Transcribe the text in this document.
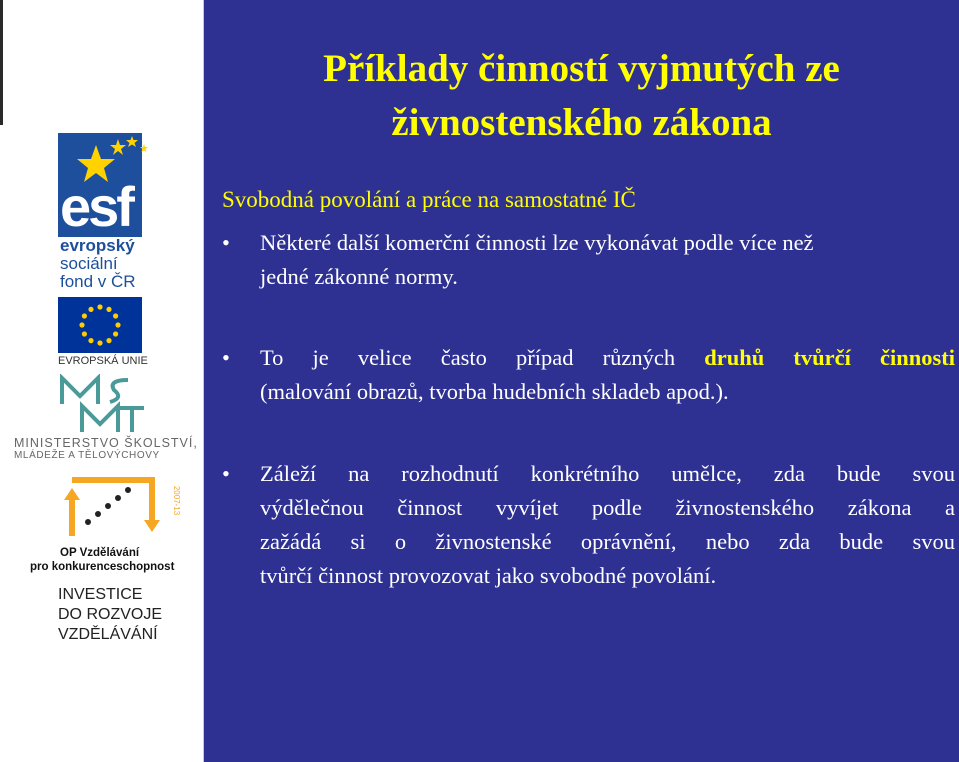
esf
evropský
sociální
fond v ČR
EVROPSKÁ UNIE
MINISTERSTVO ŠKOLSTVÍ,
MLÁDEŽE A TĚLOVÝCHOVY
2007-13
OP Vzdělávání
pro konkurenceschopnost
INVESTICE
DO ROZVOJE
VZDĚLÁVÁNÍ
Příklady činností vyjmutých ze
živnostenského zákona

Svobodná povolání a práce na samostatné IČ

•	Některé další komerční činnosti lze vykonávat podle více než
jedné zákonné normy.
•	To je velice často případ různých druhů tvůrčí činnosti
(malování obrazů, tvorba hudebních skladeb apod.).
•	Záleží na rozhodnutí konkrétního umělce, zda bude svou
výdělečnou činnost vyvíjet podle živnostenského zákona a
zažádá si o živnostenské oprávnění, nebo zda bude svou
tvůrčí činnost provozovat jako svobodné povolání.
